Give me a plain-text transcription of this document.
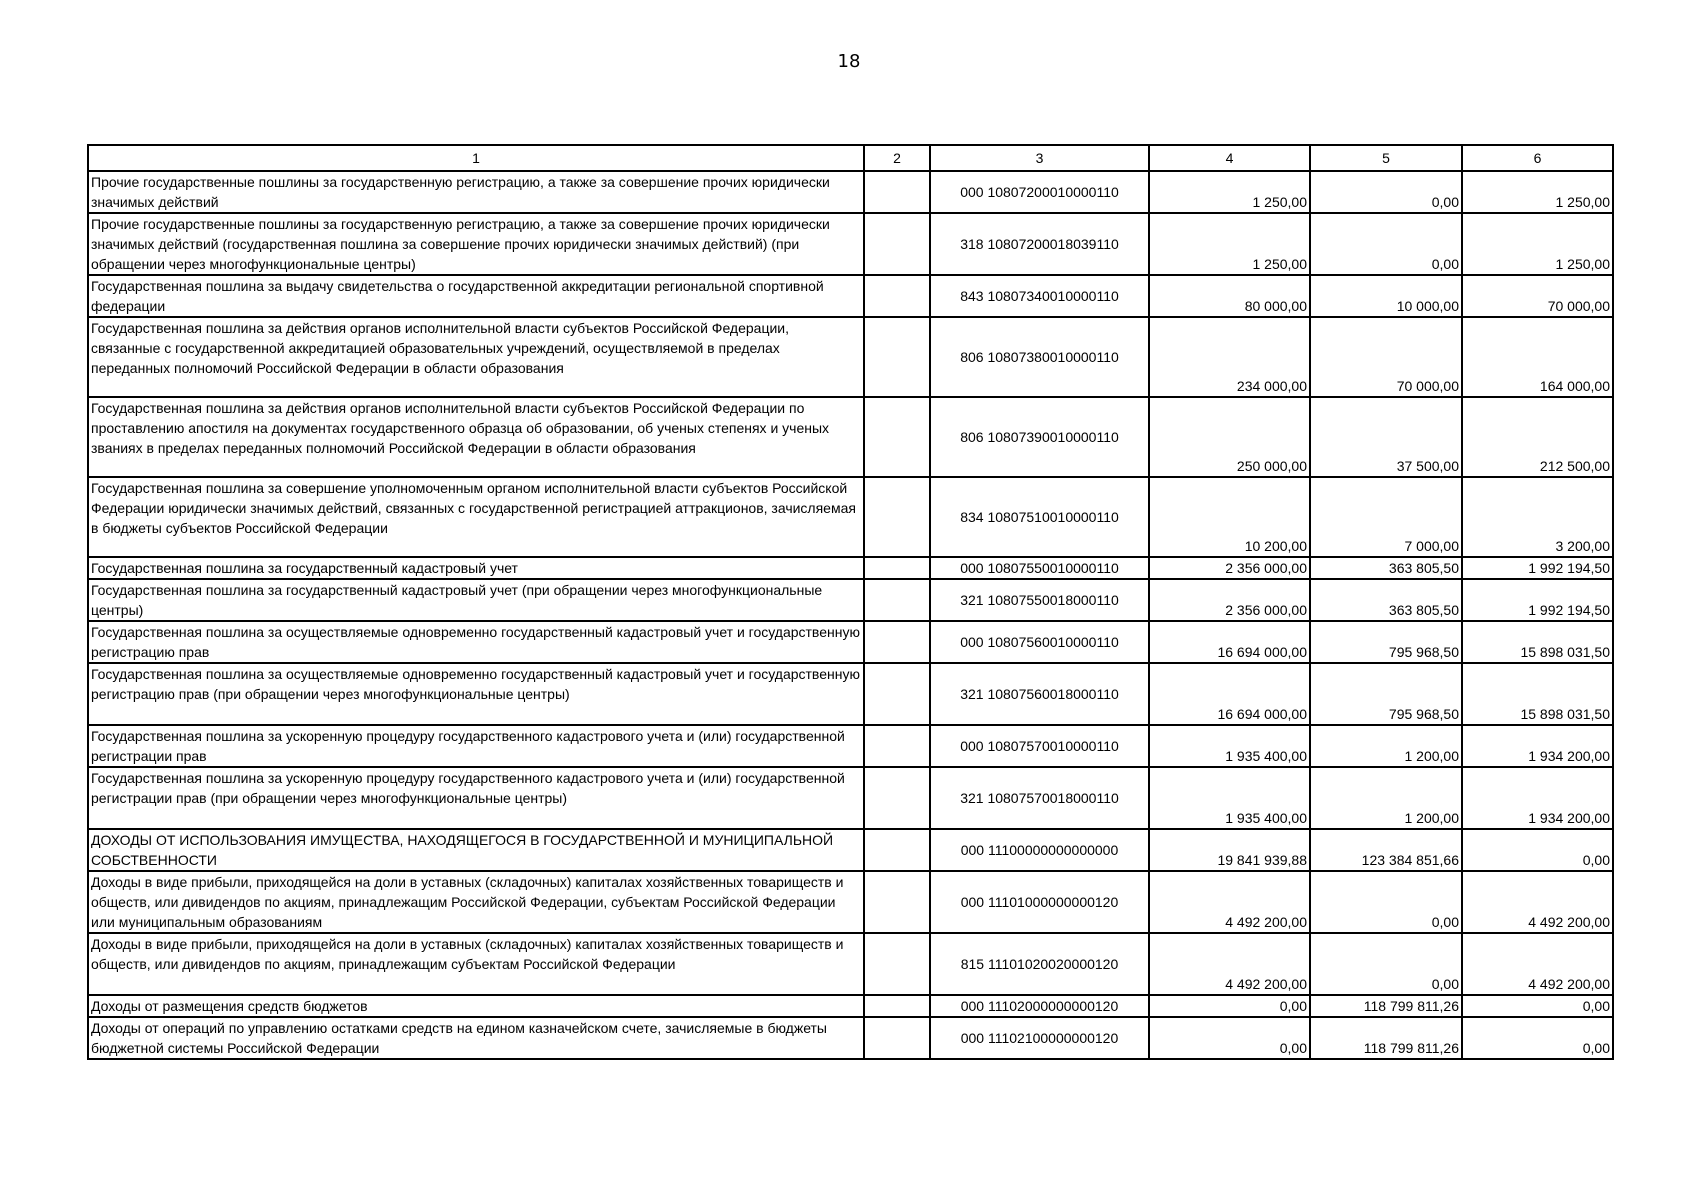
18
1	2	3	4	5	6
Прочие государственные пошлины за государственную регистрацию, а также за совершение прочих юридически значимых действий		000 10807200010000110	1 250,00	0,00	1 250,00
Прочие государственные пошлины за государственную регистрацию, а также за совершение прочих юридически значимых действий (государственная пошлина за совершение прочих юридически значимых действий) (при обращении через многофункциональные центры)		318 10807200018039110	1 250,00	0,00	1 250,00
Государственная пошлина за выдачу свидетельства о государственной аккредитации региональной спортивной федерации		843 10807340010000110	80 000,00	10 000,00	70 000,00
Государственная пошлина за действия органов исполнительной власти субъектов Российской Федерации, связанные с государственной аккредитацией образовательных учреждений, осуществляемой в пределах переданных полномочий Российской Федерации в области образования		806 10807380010000110	234 000,00	70 000,00	164 000,00
Государственная пошлина за действия органов исполнительной власти субъектов Российской Федерации по проставлению апостиля на документах государственного образца об образовании, об ученых степенях и ученых званиях в пределах переданных полномочий Российской Федерации в области образования		806 10807390010000110	250 000,00	37 500,00	212 500,00
Государственная пошлина за совершение уполномоченным органом исполнительной власти субъектов Российской Федерации юридически значимых действий, связанных с государственной регистрацией аттракционов, зачисляемая в бюджеты субъектов Российской Федерации		834 10807510010000110	10 200,00	7 000,00	3 200,00
Государственная пошлина за государственный кадастровый учет		000 10807550010000110	2 356 000,00	363 805,50	1 992 194,50
Государственная пошлина за государственный кадастровый учет (при обращении через многофункциональные центры)		321 10807550018000110	2 356 000,00	363 805,50	1 992 194,50
Государственная пошлина за осуществляемые одновременно государственный кадастровый учет и государственную регистрацию прав		000 10807560010000110	16 694 000,00	795 968,50	15 898 031,50
Государственная пошлина за осуществляемые одновременно государственный кадастровый учет и государственную регистрацию прав (при обращении через многофункциональные центры)		321 10807560018000110	16 694 000,00	795 968,50	15 898 031,50
Государственная пошлина за ускоренную процедуру государственного кадастрового учета и (или) государственной регистрации прав		000 10807570010000110	1 935 400,00	1 200,00	1 934 200,00
Государственная пошлина за ускоренную процедуру государственного кадастрового учета и (или) государственной регистрации прав (при обращении через многофункциональные центры)		321 10807570018000110	1 935 400,00	1 200,00	1 934 200,00
ДОХОДЫ ОТ ИСПОЛЬЗОВАНИЯ ИМУЩЕСТВА, НАХОДЯЩЕГОСЯ В ГОСУДАРСТВЕННОЙ И МУНИЦИПАЛЬНОЙ СОБСТВЕННОСТИ		000 11100000000000000	19 841 939,88	123 384 851,66	0,00
Доходы в виде прибыли, приходящейся на доли в уставных (складочных) капиталах хозяйственных товариществ и обществ, или дивидендов по акциям, принадлежащим Российской Федерации, субъектам Российской Федерации или муниципальным образованиям		000 11101000000000120	4 492 200,00	0,00	4 492 200,00
Доходы в виде прибыли, приходящейся на доли в уставных (складочных) капиталах хозяйственных товариществ и обществ, или дивидендов по акциям, принадлежащим субъектам Российской Федерации		815 11101020020000120	4 492 200,00	0,00	4 492 200,00
Доходы от размещения средств бюджетов		000 11102000000000120	0,00	118 799 811,26	0,00
Доходы от операций по управлению остатками средств на едином казначейском счете, зачисляемые в бюджеты бюджетной системы Российской Федерации		000 11102100000000120	0,00	118 799 811,26	0,00
